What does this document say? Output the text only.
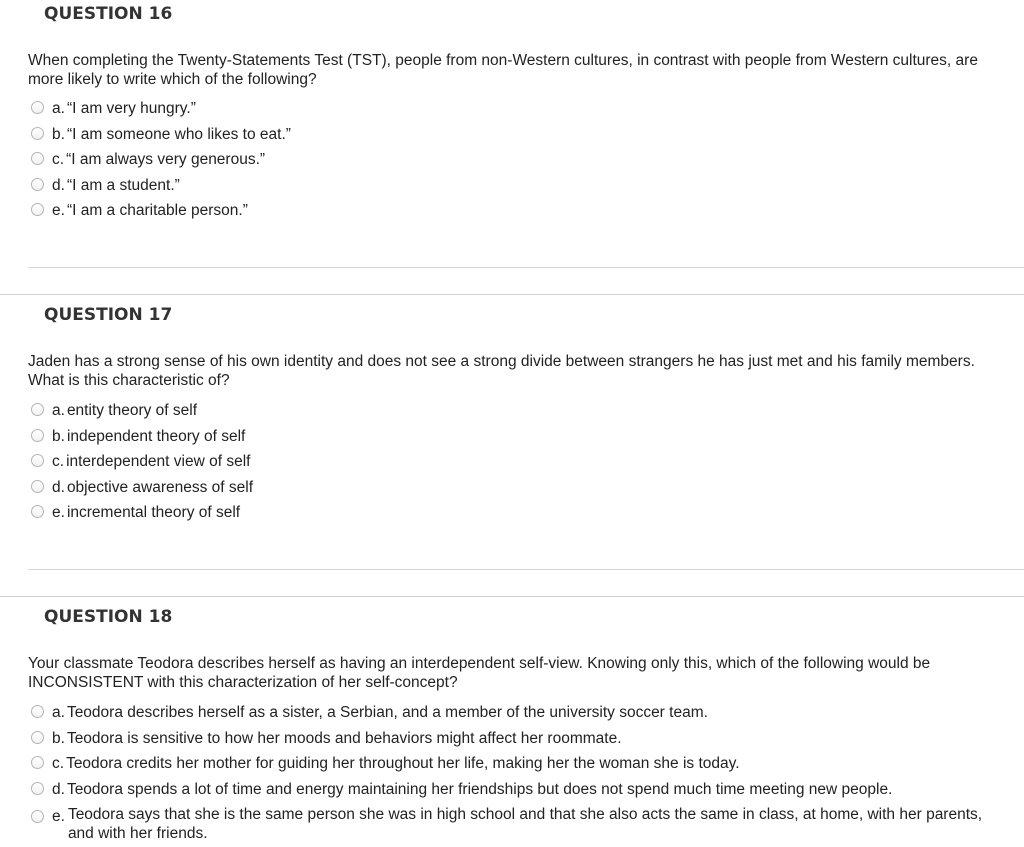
QUESTION 16
When completing the Twenty-Statements Test (TST), people from non-Western cultures, in contrast with people from Western cultures, are
more likely to write which of the following?
a. “I am very hungry.”
b. “I am someone who likes to eat.”
c. “I am always very generous.”
d. “I am a student.”
e. “I am a charitable person.”
QUESTION 17
Jaden has a strong sense of his own identity and does not see a strong divide between strangers he has just met and his family members.
What is this characteristic of?
a. entity theory of self
b. independent theory of self
c. interdependent view of self
d. objective awareness of self
e. incremental theory of self
QUESTION 18
Your classmate Teodora describes herself as having an interdependent self-view. Knowing only this, which of the following would be
INCONSISTENT with this characterization of her self-concept?
a. Teodora describes herself as a sister, a Serbian, and a member of the university soccer team.
b. Teodora is sensitive to how her moods and behaviors might affect her roommate.
c. Teodora credits her mother for guiding her throughout her life, making her the woman she is today.
d. Teodora spends a lot of time and energy maintaining her friendships but does not spend much time meeting new people.
e. Teodora says that she is the same person she was in high school and that she also acts the same in class, at home, with her parents, and with her friends.
